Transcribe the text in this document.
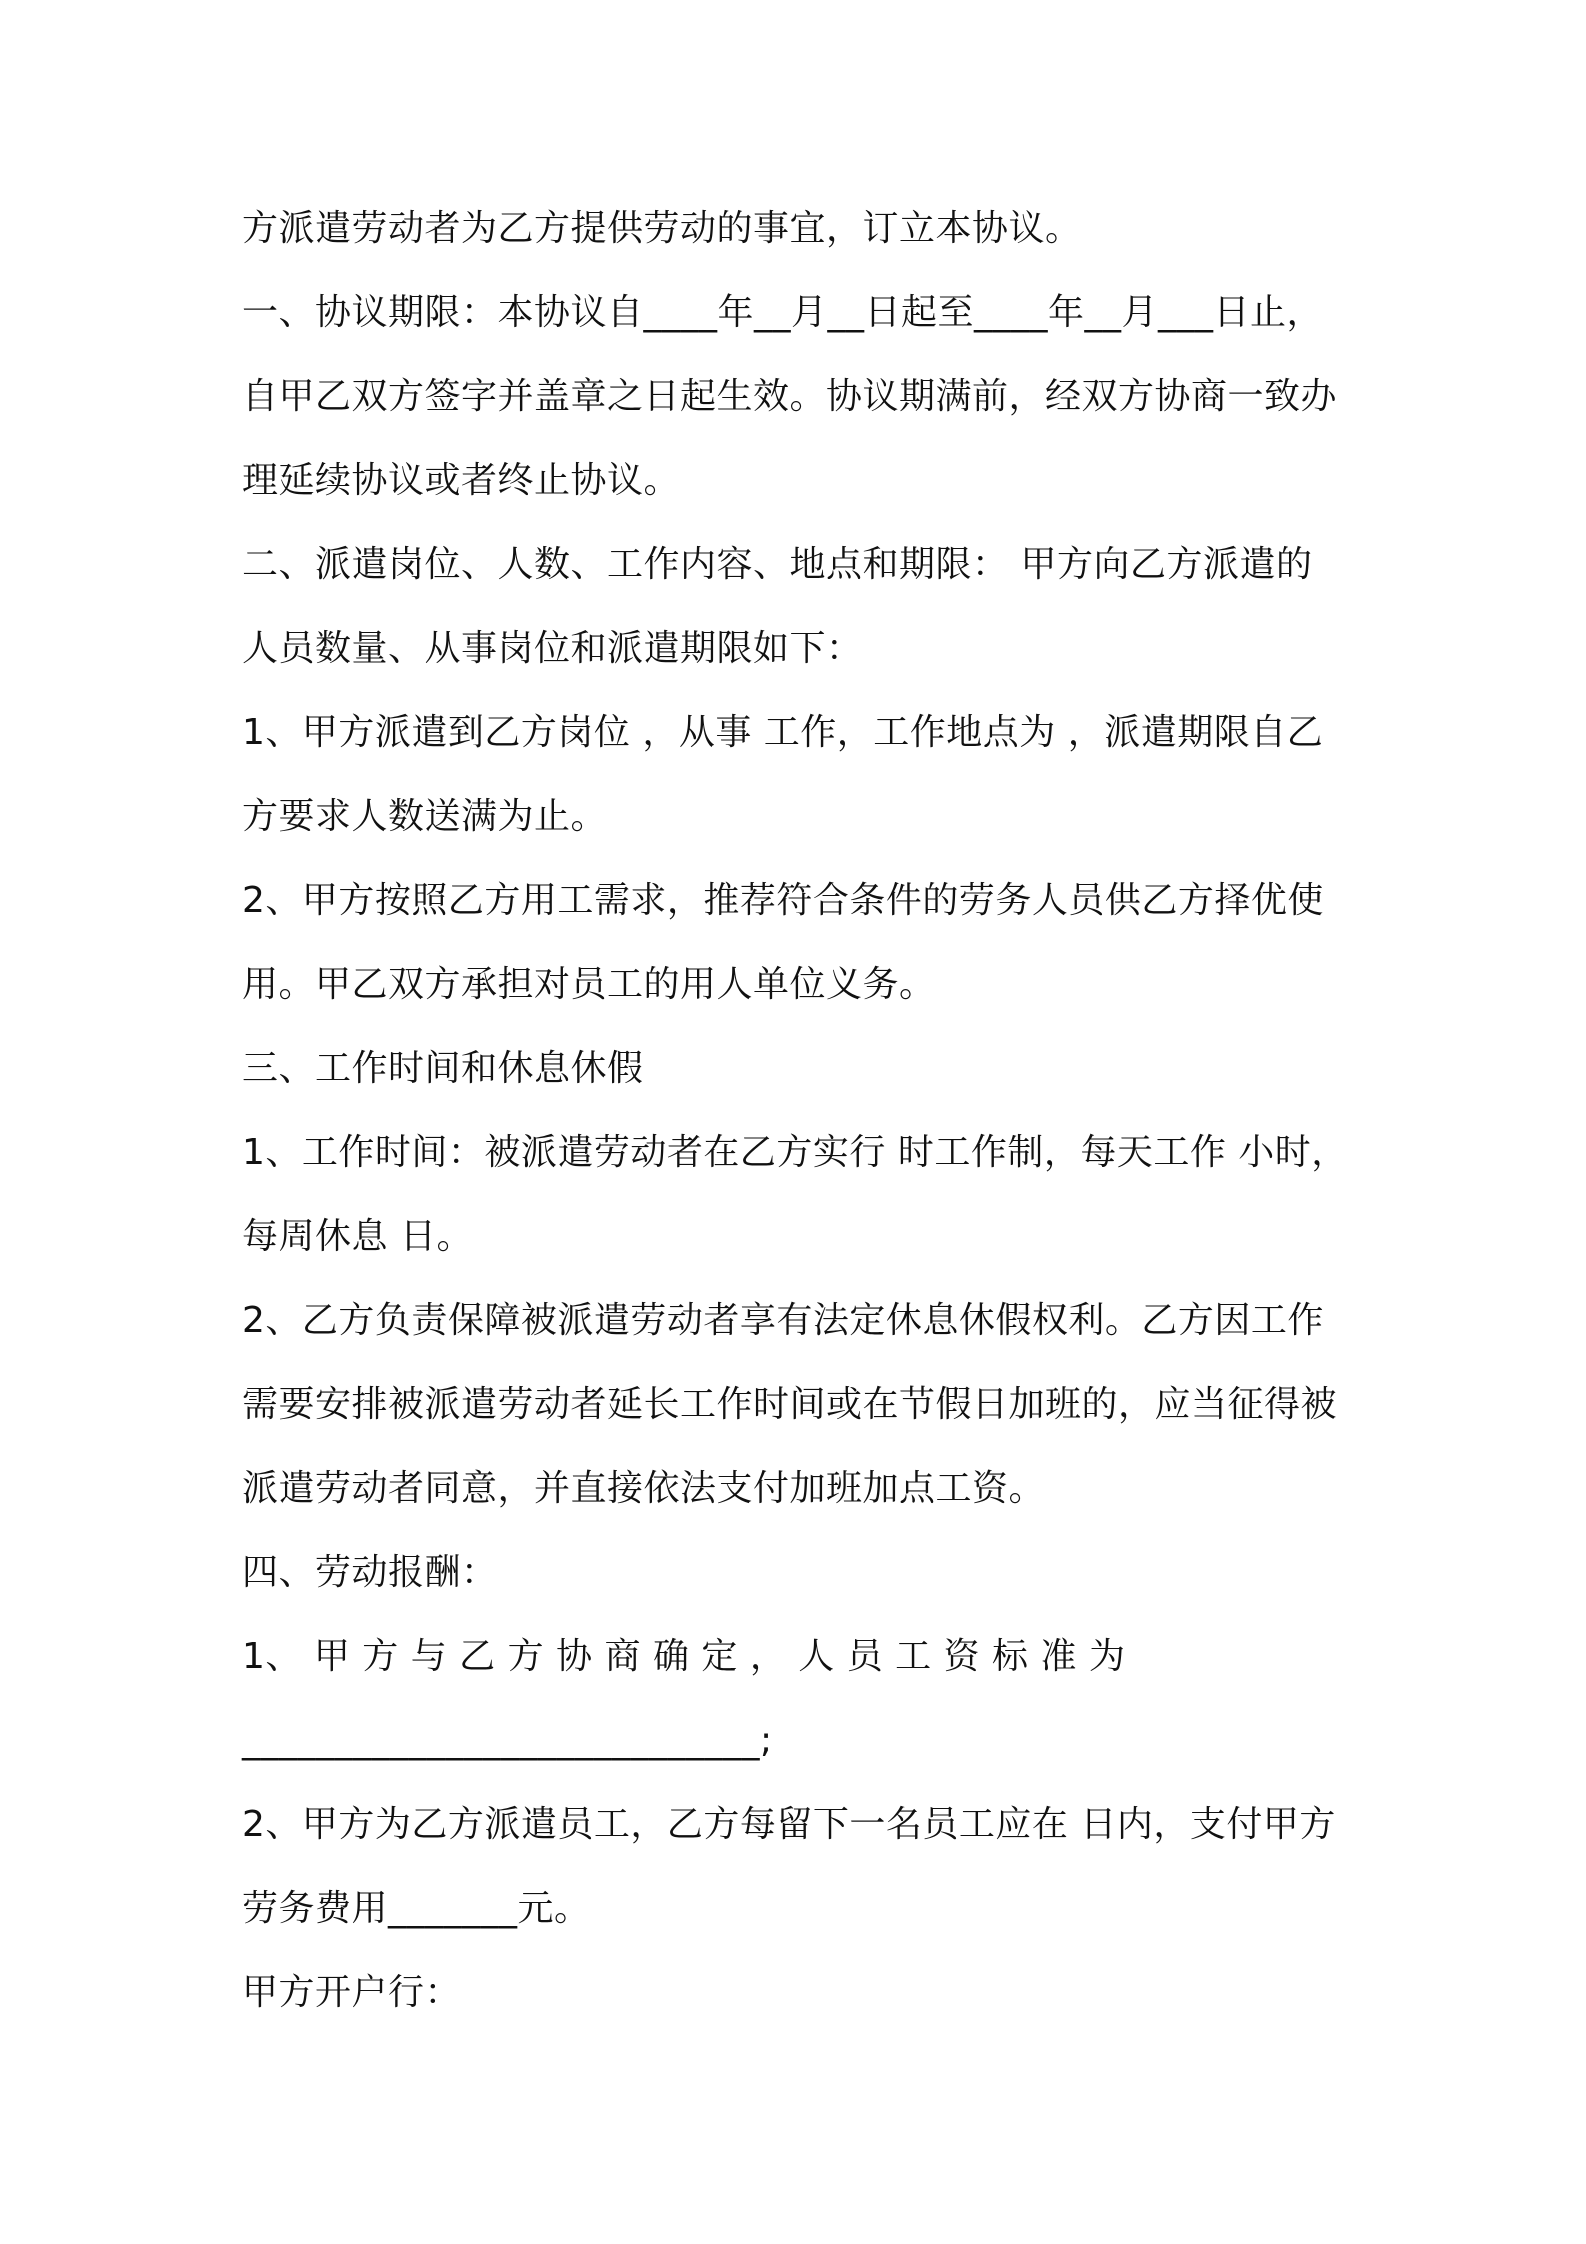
方派遣劳动者为乙方提供劳动的事宜，订立本协议。
一、协议期限：本协议自____年__月__日起至____年__月___日止，
自甲乙双方签字并盖章之日起生效。协议期满前，经双方协商一致办
理延续协议或者终止协议。
二、派遣岗位、人数、工作内容、地点和期限： 甲方向乙方派遣的
人员数量、从事岗位和派遣期限如下：
1、甲方派遣到乙方岗位 ，从事 工作，工作地点为 ，派遣期限自乙
方要求人数送满为止。
2、甲方按照乙方用工需求，推荐符合条件的劳务人员供乙方择优使
用。甲乙双方承担对员工的用人单位义务。
三、工作时间和休息休假
1、工作时间：被派遣劳动者在乙方实行 时工作制，每天工作 小时，
每周休息 日。
2、乙方负责保障被派遣劳动者享有法定休息休假权利。乙方因工作
需要安排被派遣劳动者延长工作时间或在节假日加班的，应当征得被
派遣劳动者同意，并直接依法支付加班加点工资。
四、劳动报酬：
1、 甲 方 与 乙 方 协 商 确 定 ， 人 员 工 资 标 准 为
____________________________;
2、甲方为乙方派遣员工，乙方每留下一名员工应在 日内，支付甲方
劳务费用_______元。
甲方开户行：
